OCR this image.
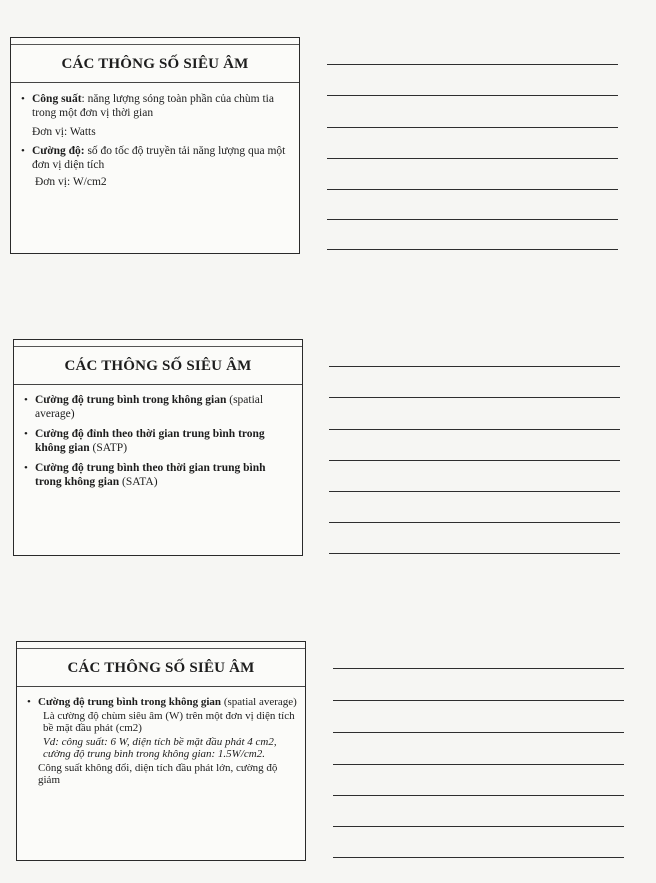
CÁC THÔNG SỐ SIÊU ÂM
• Công suất: năng lượng sóng toàn phần của chùm tia trong một đơn vị thời gian
Đơn vị: Watts
• Cường độ: số đo tốc độ truyền tải năng lượng qua một đơn vị diện tích
Đơn vị: W/cm2
CÁC THÔNG SỐ SIÊU ÂM
• Cường độ trung bình trong không gian (spatial average)
• Cường độ đỉnh theo thời gian trung bình trong không gian (SATP)
• Cường độ trung bình theo thời gian trung bình trong không gian (SATA)
CÁC THÔNG SỐ SIÊU ÂM
• Cường độ trung bình trong không gian (spatial average)
Là cường độ chùm siêu âm (W) trên một đơn vị diện tích bề mặt đầu phát (cm2)
Vd: công suất: 6 W, diện tích bề mặt đầu phát 4 cm2, cường độ trung bình trong không gian: 1.5W/cm2.
Công suất không đổi, diện tích đầu phát lớn, cường độ giảm
